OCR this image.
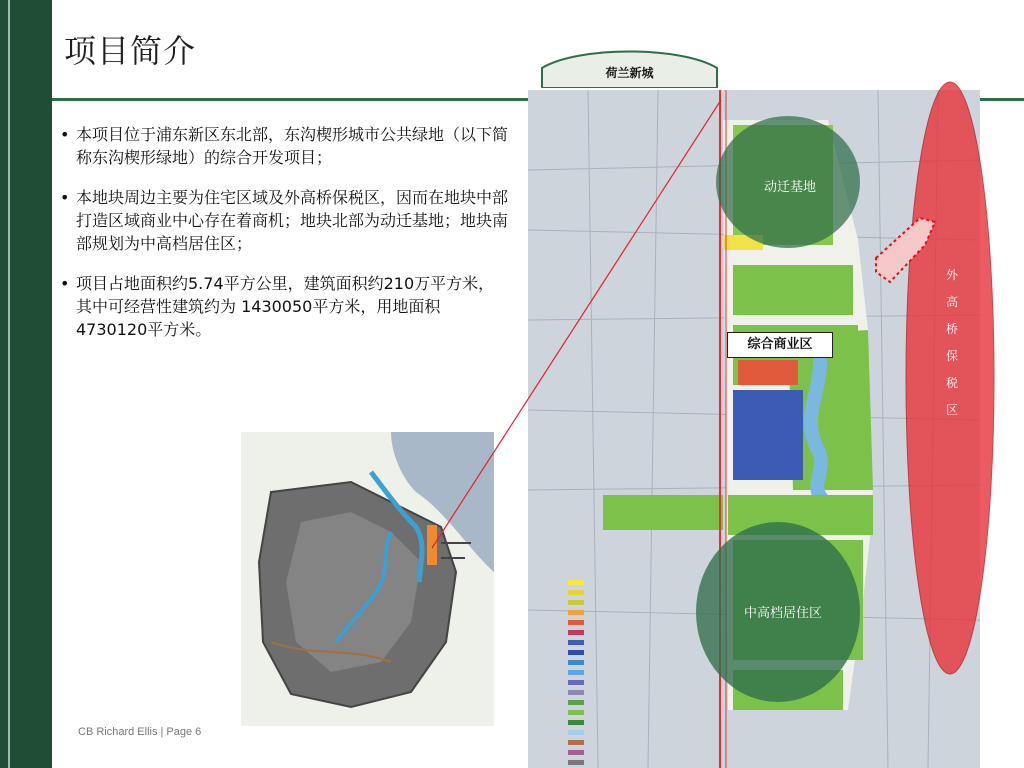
项目简介
• 本项目位于浦东新区东北部，东沟楔形城市公共绿地（以下简称东沟楔形绿地）的综合开发项目；
• 本地块周边主要为住宅区域及外高桥保税区，因而在地块中部打造区域商业中心存在着商机；地块北部为动迁基地；地块南部规划为中高档居住区；
• 项目占地面积约5.74平方公里，建筑面积约210万平方米，其中可经营性建筑约为 1430050平方米，用地面积4730120平方米。
荷兰新城
动迁基地
综合商业区
中高档居住区
外
高
桥
保
税
区
CB Richard Ellis | Page 6
